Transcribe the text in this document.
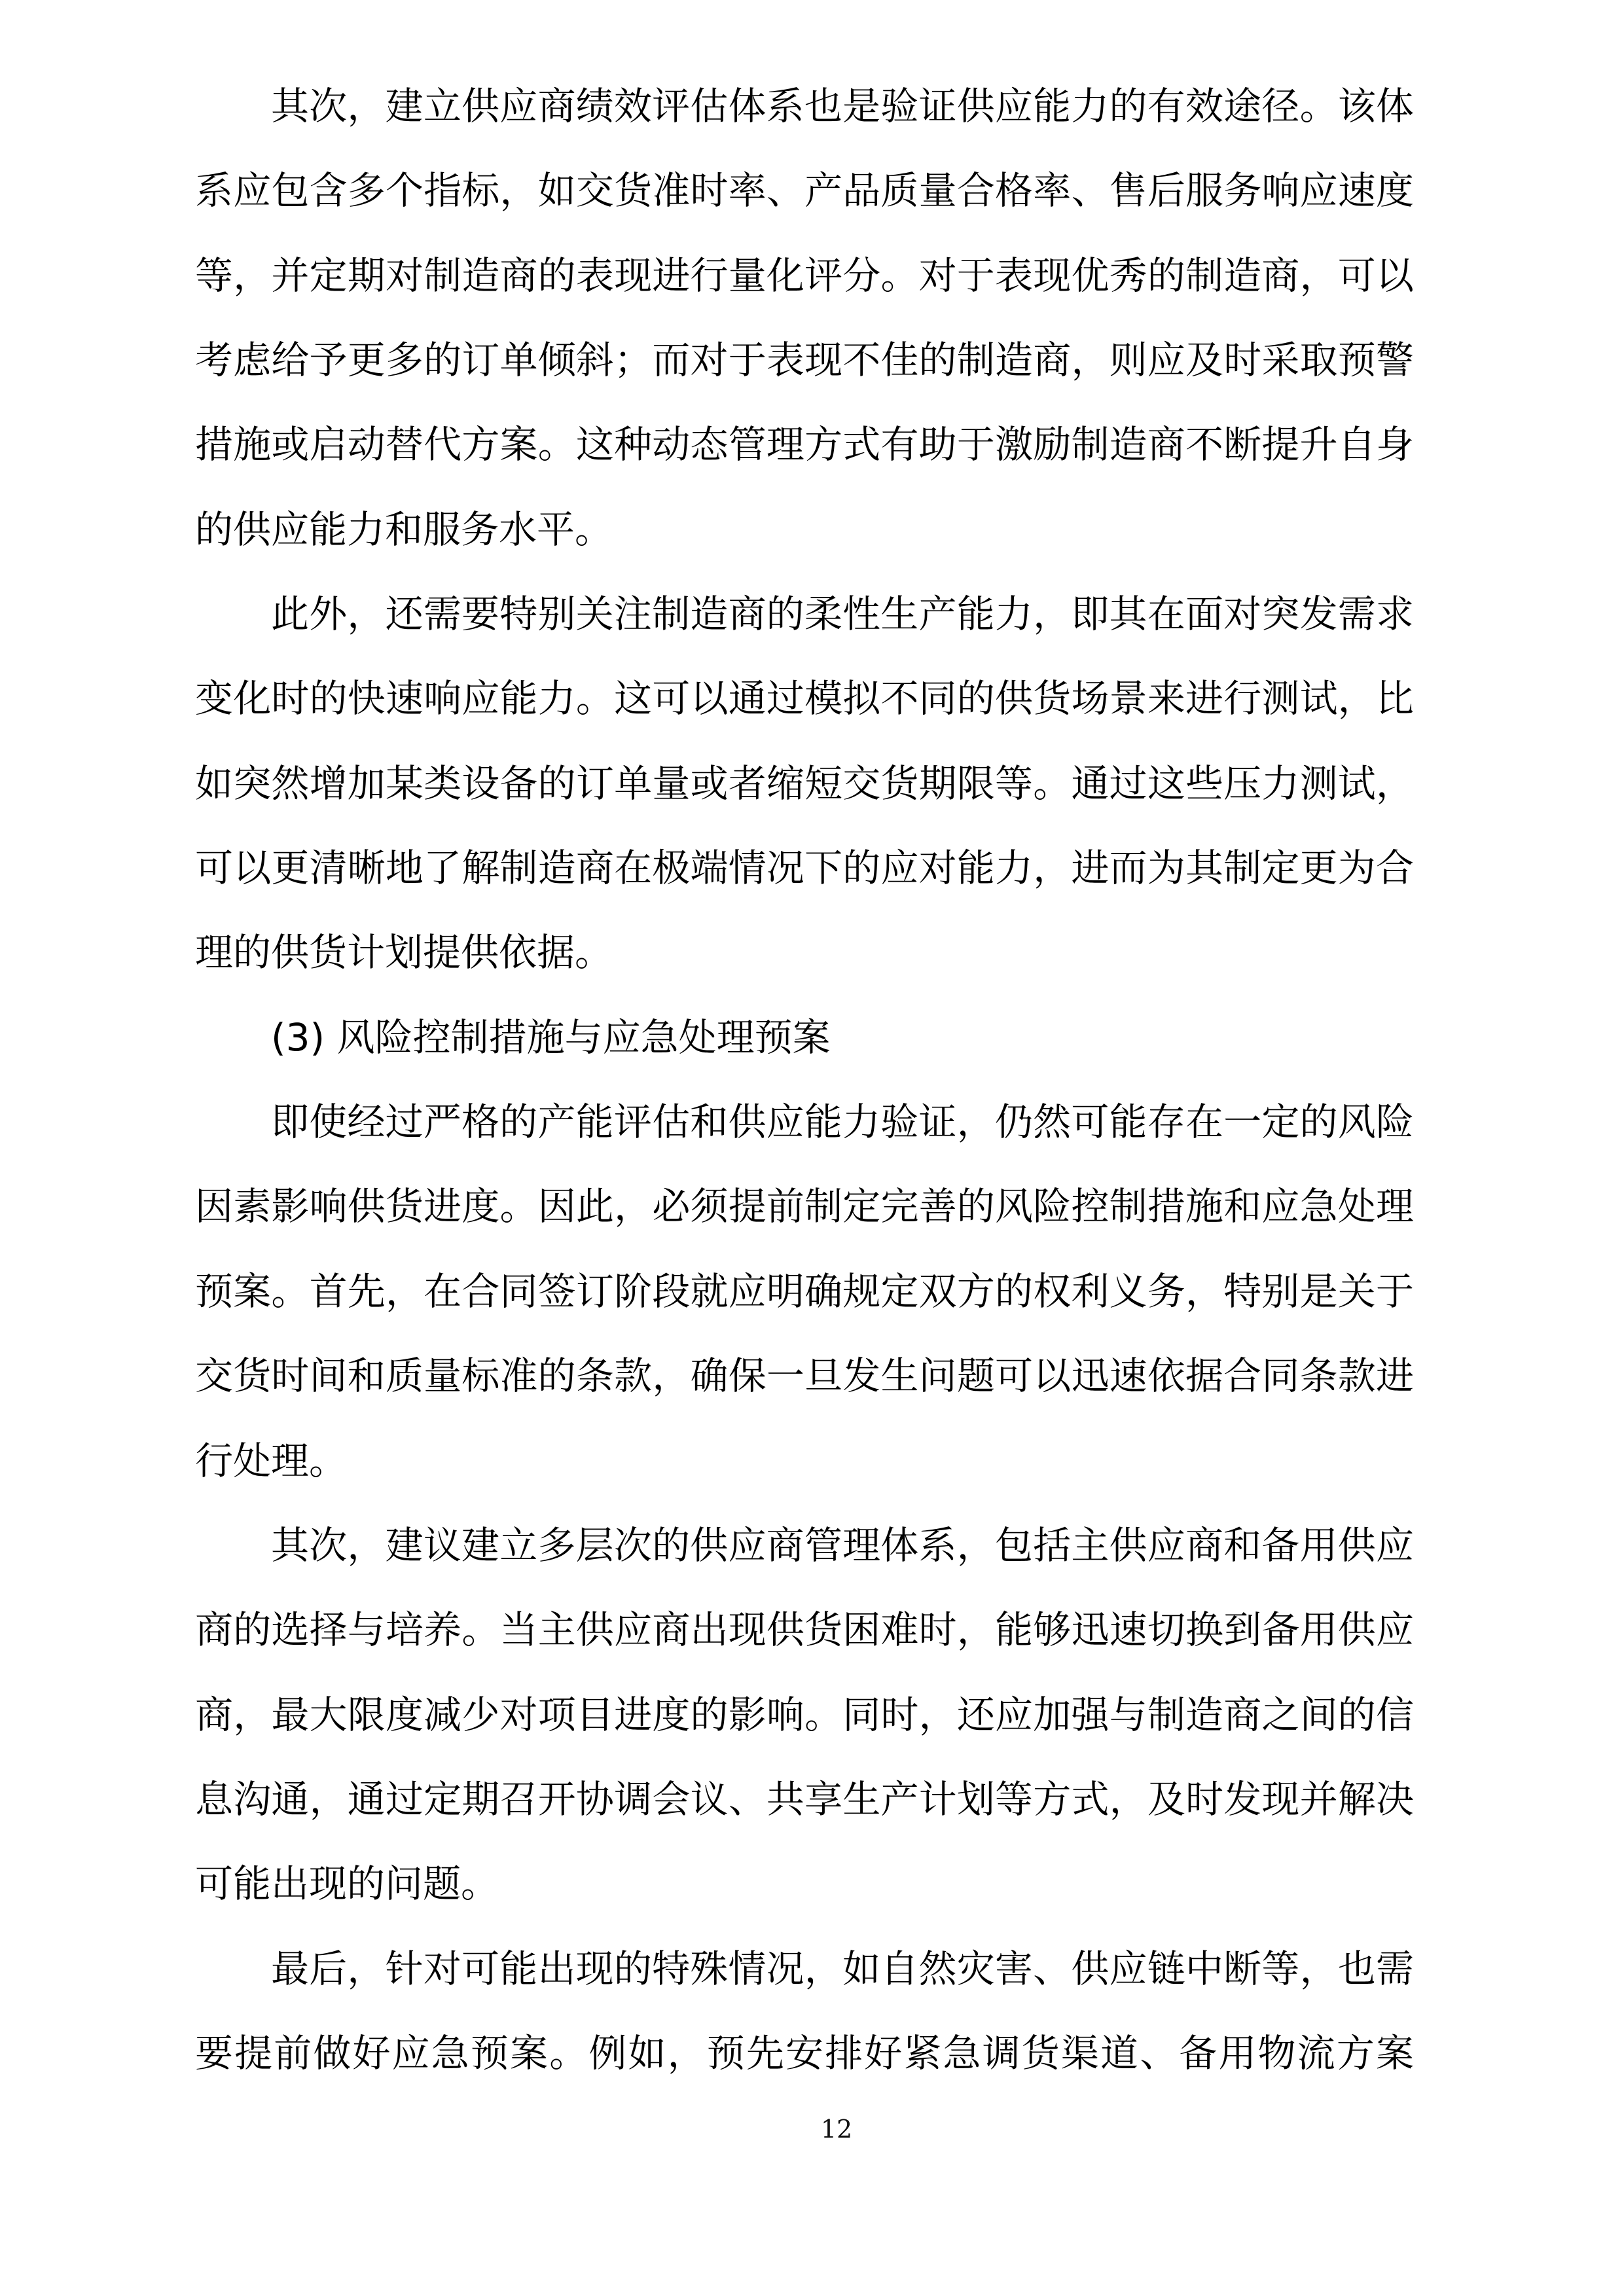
其次，建立供应商绩效评估体系也是验证供应能力的有效途径。该体
系应包含多个指标，如交货准时率、产品质量合格率、售后服务响应速度
等，并定期对制造商的表现进行量化评分。对于表现优秀的制造商，可以
考虑给予更多的订单倾斜；而对于表现不佳的制造商，则应及时采取预警
措施或启动替代方案。这种动态管理方式有助于激励制造商不断提升自身
的供应能力和服务水平。
此外，还需要特别关注制造商的柔性生产能力，即其在面对突发需求
变化时的快速响应能力。这可以通过模拟不同的供货场景来进行测试，比
如突然增加某类设备的订单量或者缩短交货期限等。通过这些压力测试，
可以更清晰地了解制造商在极端情况下的应对能力，进而为其制定更为合
理的供货计划提供依据。
(3) 风险控制措施与应急处理预案
即使经过严格的产能评估和供应能力验证，仍然可能存在一定的风险
因素影响供货进度。因此，必须提前制定完善的风险控制措施和应急处理
预案。首先，在合同签订阶段就应明确规定双方的权利义务，特别是关于
交货时间和质量标准的条款，确保一旦发生问题可以迅速依据合同条款进
行处理。
其次，建议建立多层次的供应商管理体系，包括主供应商和备用供应
商的选择与培养。当主供应商出现供货困难时，能够迅速切换到备用供应
商，最大限度减少对项目进度的影响。同时，还应加强与制造商之间的信
息沟通，通过定期召开协调会议、共享生产计划等方式，及时发现并解决
可能出现的问题。
最后，针对可能出现的特殊情况，如自然灾害、供应链中断等，也需
要提前做好应急预案。例如，预先安排好紧急调货渠道、备用物流方案
12
